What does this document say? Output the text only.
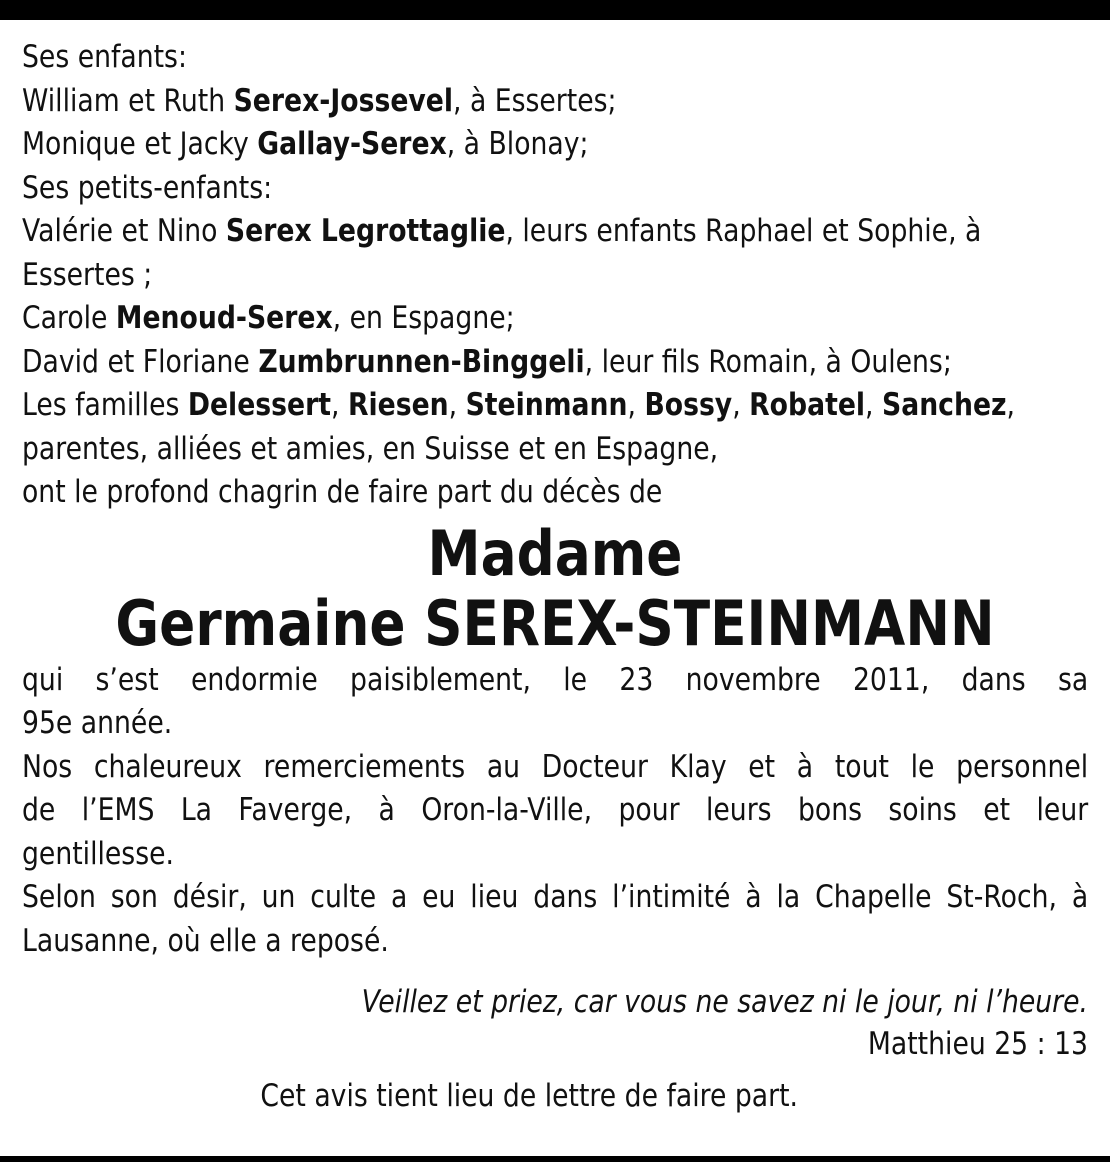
Ses enfants:
William et Ruth Serex-Jossevel, à Essertes;
Monique et Jacky Gallay-Serex, à Blonay;
Ses petits-enfants:
Valérie et Nino Serex Legrottaglie, leurs enfants Raphael et Sophie, à
Essertes ;
Carole Menoud-Serex, en Espagne;
David et Floriane Zumbrunnen-Binggeli, leur fils Romain, à Oulens;
Les familles Delessert, Riesen, Steinmann, Bossy, Robatel, Sanchez,
parentes, alliées et amies, en Suisse et en Espagne,
ont le profond chagrin de faire part du décès de
Madame
Germaine SEREX-STEINMANN
qui s’est endormie paisiblement, le 23 novembre 2011, dans sa
95e année.
Nos chaleureux remerciements au Docteur Klay et à tout le personnel
de l’EMS La Faverge, à Oron-la-Ville, pour leurs bons soins et leur
gentillesse.
Selon son désir, un culte a eu lieu dans l’intimité à la Chapelle St-Roch, à
Lausanne, où elle a reposé.
Veillez et priez, car vous ne savez ni le jour, ni l’heure.
Matthieu 25 : 13
Cet avis tient lieu de lettre de faire part.
